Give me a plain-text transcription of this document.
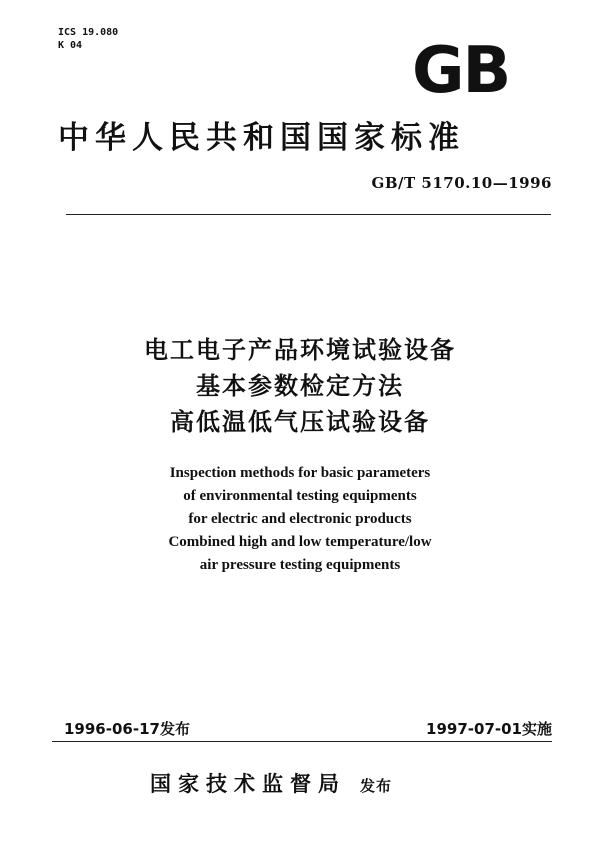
ICS 19.080
K 04	GB
中华人民共和国国家标准
GB/T 5170.10—1996
电工电子产品环境试验设备
基本参数检定方法
高低温低气压试验设备
Inspection methods for basic parameters
of environmental testing equipments
for electric and electronic products
Combined high and low temperature/low
air pressure testing equipments
1996-06-17发布	1997-07-01实施
国家技术监督局 发布
